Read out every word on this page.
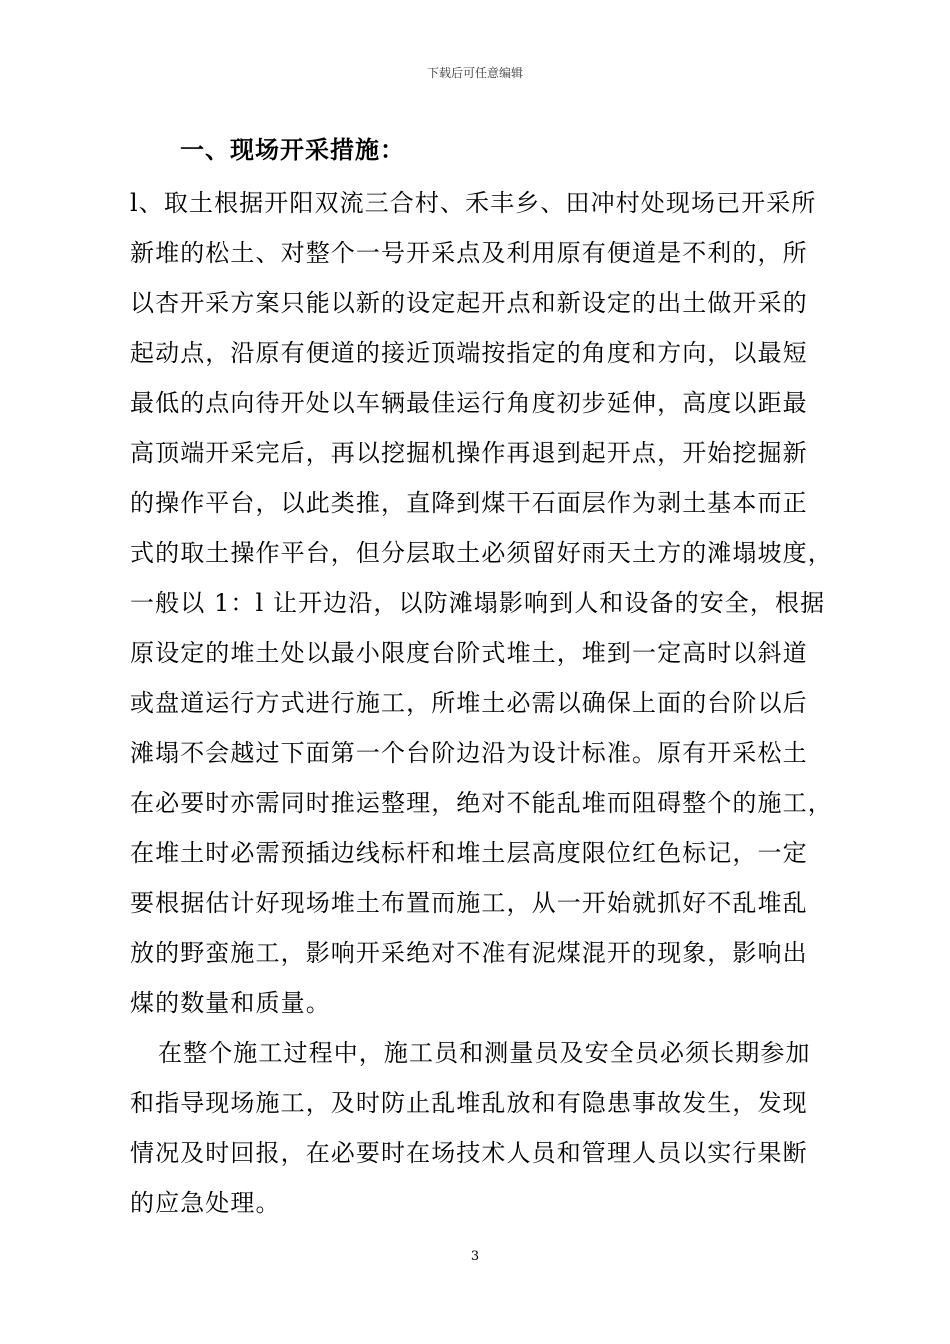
下载后可任意编辑
一、现场开采措施：
l、取土根据开阳双流三合村、禾丰乡、田冲村处现场已开采所
新堆的松土、对整个一号开采点及利用原有便道是不利的，所
以杏开采方案只能以新的设定起开点和新设定的出土做开采的
起动点，沿原有便道的接近顶端按指定的角度和方向，以最短
最低的点向待开处以车辆最佳运行角度初步延伸，高度以距最
高顶端开采完后，再以挖掘机操作再退到起开点，开始挖掘新
的操作平台，以此类推，直降到煤干石面层作为剥土基本而正
式的取土操作平台，但分层取土必须留好雨天土方的滩塌坡度，
一般以 1：l 让开边沿，以防滩塌影响到人和设备的安全，根据
原设定的堆土处以最小限度台阶式堆土，堆到一定高时以斜道
或盘道运行方式进行施工，所堆土必需以确保上面的台阶以后
滩塌不会越过下面第一个台阶边沿为设计标准。原有开采松土
在必要时亦需同时推运整理，绝对不能乱堆而阻碍整个的施工，
在堆土时必需预插边线标杆和堆土层高度限位红色标记，一定
要根据估计好现场堆土布置而施工，从一开始就抓好不乱堆乱
放的野蛮施工，影响开采绝对不准有泥煤混开的现象，影响出
煤的数量和质量。
在整个施工过程中，施工员和测量员及安全员必须长期参加
和指导现场施工，及时防止乱堆乱放和有隐患事故发生，发现
情况及时回报，在必要时在场技术人员和管理人员以实行果断
的应急处理。
3
